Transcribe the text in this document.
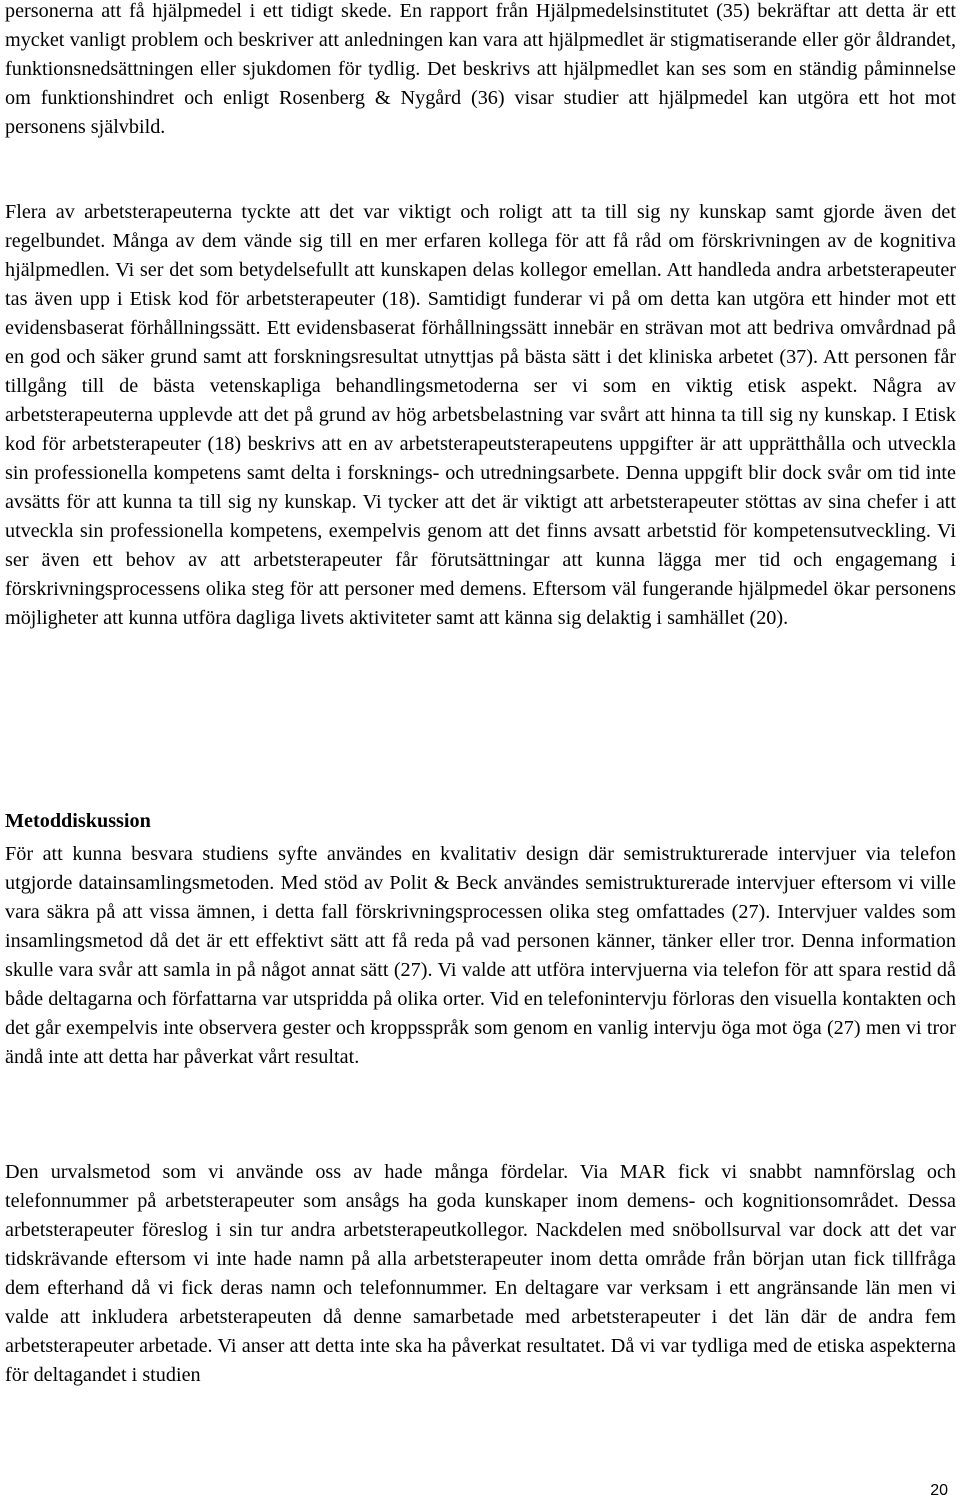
personerna att få hjälpmedel i ett tidigt skede. En rapport från Hjälpmedelsinstitutet (35) bekräftar att detta är ett mycket vanligt problem och beskriver att anledningen kan vara att hjälpmedlet är stigmatiserande eller gör åldrandet, funktionsnedsättningen eller sjukdomen för tydlig. Det beskrivs att hjälpmedlet kan ses som en ständig påminnelse om funktionshindret och enligt Rosenberg & Nygård (36) visar studier att hjälpmedel kan utgöra ett hot mot personens självbild.

Flera av arbetsterapeuterna tyckte att det var viktigt och roligt att ta till sig ny kunskap samt gjorde även det regelbundet. Många av dem vände sig till en mer erfaren kollega för att få råd om förskrivningen av de kognitiva hjälpmedlen. Vi ser det som betydelsefullt att kunskapen delas kollegor emellan. Att handleda andra arbetsterapeuter tas även upp i Etisk kod för arbetsterapeuter (18). Samtidigt funderar vi på om detta kan utgöra ett hinder mot ett evidensbaserat förhållningssätt. Ett evidensbaserat förhållningssätt innebär en strävan mot att bedriva omvårdnad på en god och säker grund samt att forskningsresultat utnyttjas på bästa sätt i det kliniska arbetet (37). Att personen får tillgång till de bästa vetenskapliga behandlingsmetoderna ser vi som en viktig etisk aspekt. Några av arbetsterapeuterna upplevde att det på grund av hög arbetsbelastning var svårt att hinna ta till sig ny kunskap. I Etisk kod för arbetsterapeuter (18) beskrivs att en av arbetsterapeutsterapeutens uppgifter är att upprätthålla och utveckla sin professionella kompetens samt delta i forsknings- och utredningsarbete. Denna uppgift blir dock svår om tid inte avsätts för att kunna ta till sig ny kunskap. Vi tycker att det är viktigt att arbetsterapeuter stöttas av sina chefer i att utveckla sin professionella kompetens, exempelvis genom att det finns avsatt arbetstid för kompetensutveckling. Vi ser även ett behov av att arbetsterapeuter får förutsättningar att kunna lägga mer tid och engagemang i förskrivningsprocessens olika steg för att personer med demens. Eftersom väl fungerande hjälpmedel ökar personens möjligheter att kunna utföra dagliga livets aktiviteter samt att känna sig delaktig i samhället (20).

Metoddiskussion

För att kunna besvara studiens syfte användes en kvalitativ design där semistrukturerade intervjuer via telefon utgjorde datainsamlingsmetoden. Med stöd av Polit & Beck användes semistrukturerade intervjuer eftersom vi ville vara säkra på att vissa ämnen, i detta fall förskrivningsprocessen olika steg omfattades (27). Intervjuer valdes som insamlingsmetod då det är ett effektivt sätt att få reda på vad personen känner, tänker eller tror. Denna information skulle vara svår att samla in på något annat sätt (27). Vi valde att utföra intervjuerna via telefon för att spara restid då både deltagarna och författarna var utspridda på olika orter. Vid en telefonintervju förloras den visuella kontakten och det går exempelvis inte observera gester och kroppsspråk som genom en vanlig intervju öga mot öga (27) men vi tror ändå inte att detta har påverkat vårt resultat.

Den urvalsmetod som vi använde oss av hade många fördelar. Via MAR fick vi snabbt namnförslag och telefonnummer på arbetsterapeuter som ansågs ha goda kunskaper inom demens- och kognitionsområdet. Dessa arbetsterapeuter föreslog i sin tur andra arbetsterapeutkollegor. Nackdelen med snöbollsurval var dock att det var tidskrävande eftersom vi inte hade namn på alla arbetsterapeuter inom detta område från början utan fick tillfråga dem efterhand då vi fick deras namn och telefonnummer. En deltagare var verksam i ett angränsande län men vi valde att inkludera arbetsterapeuten då denne samarbetade med arbetsterapeuter i det län där de andra fem arbetsterapeuter arbetade. Vi anser att detta inte ska ha påverkat resultatet. Då vi var tydliga med de etiska aspekterna för deltagandet i studien

20
